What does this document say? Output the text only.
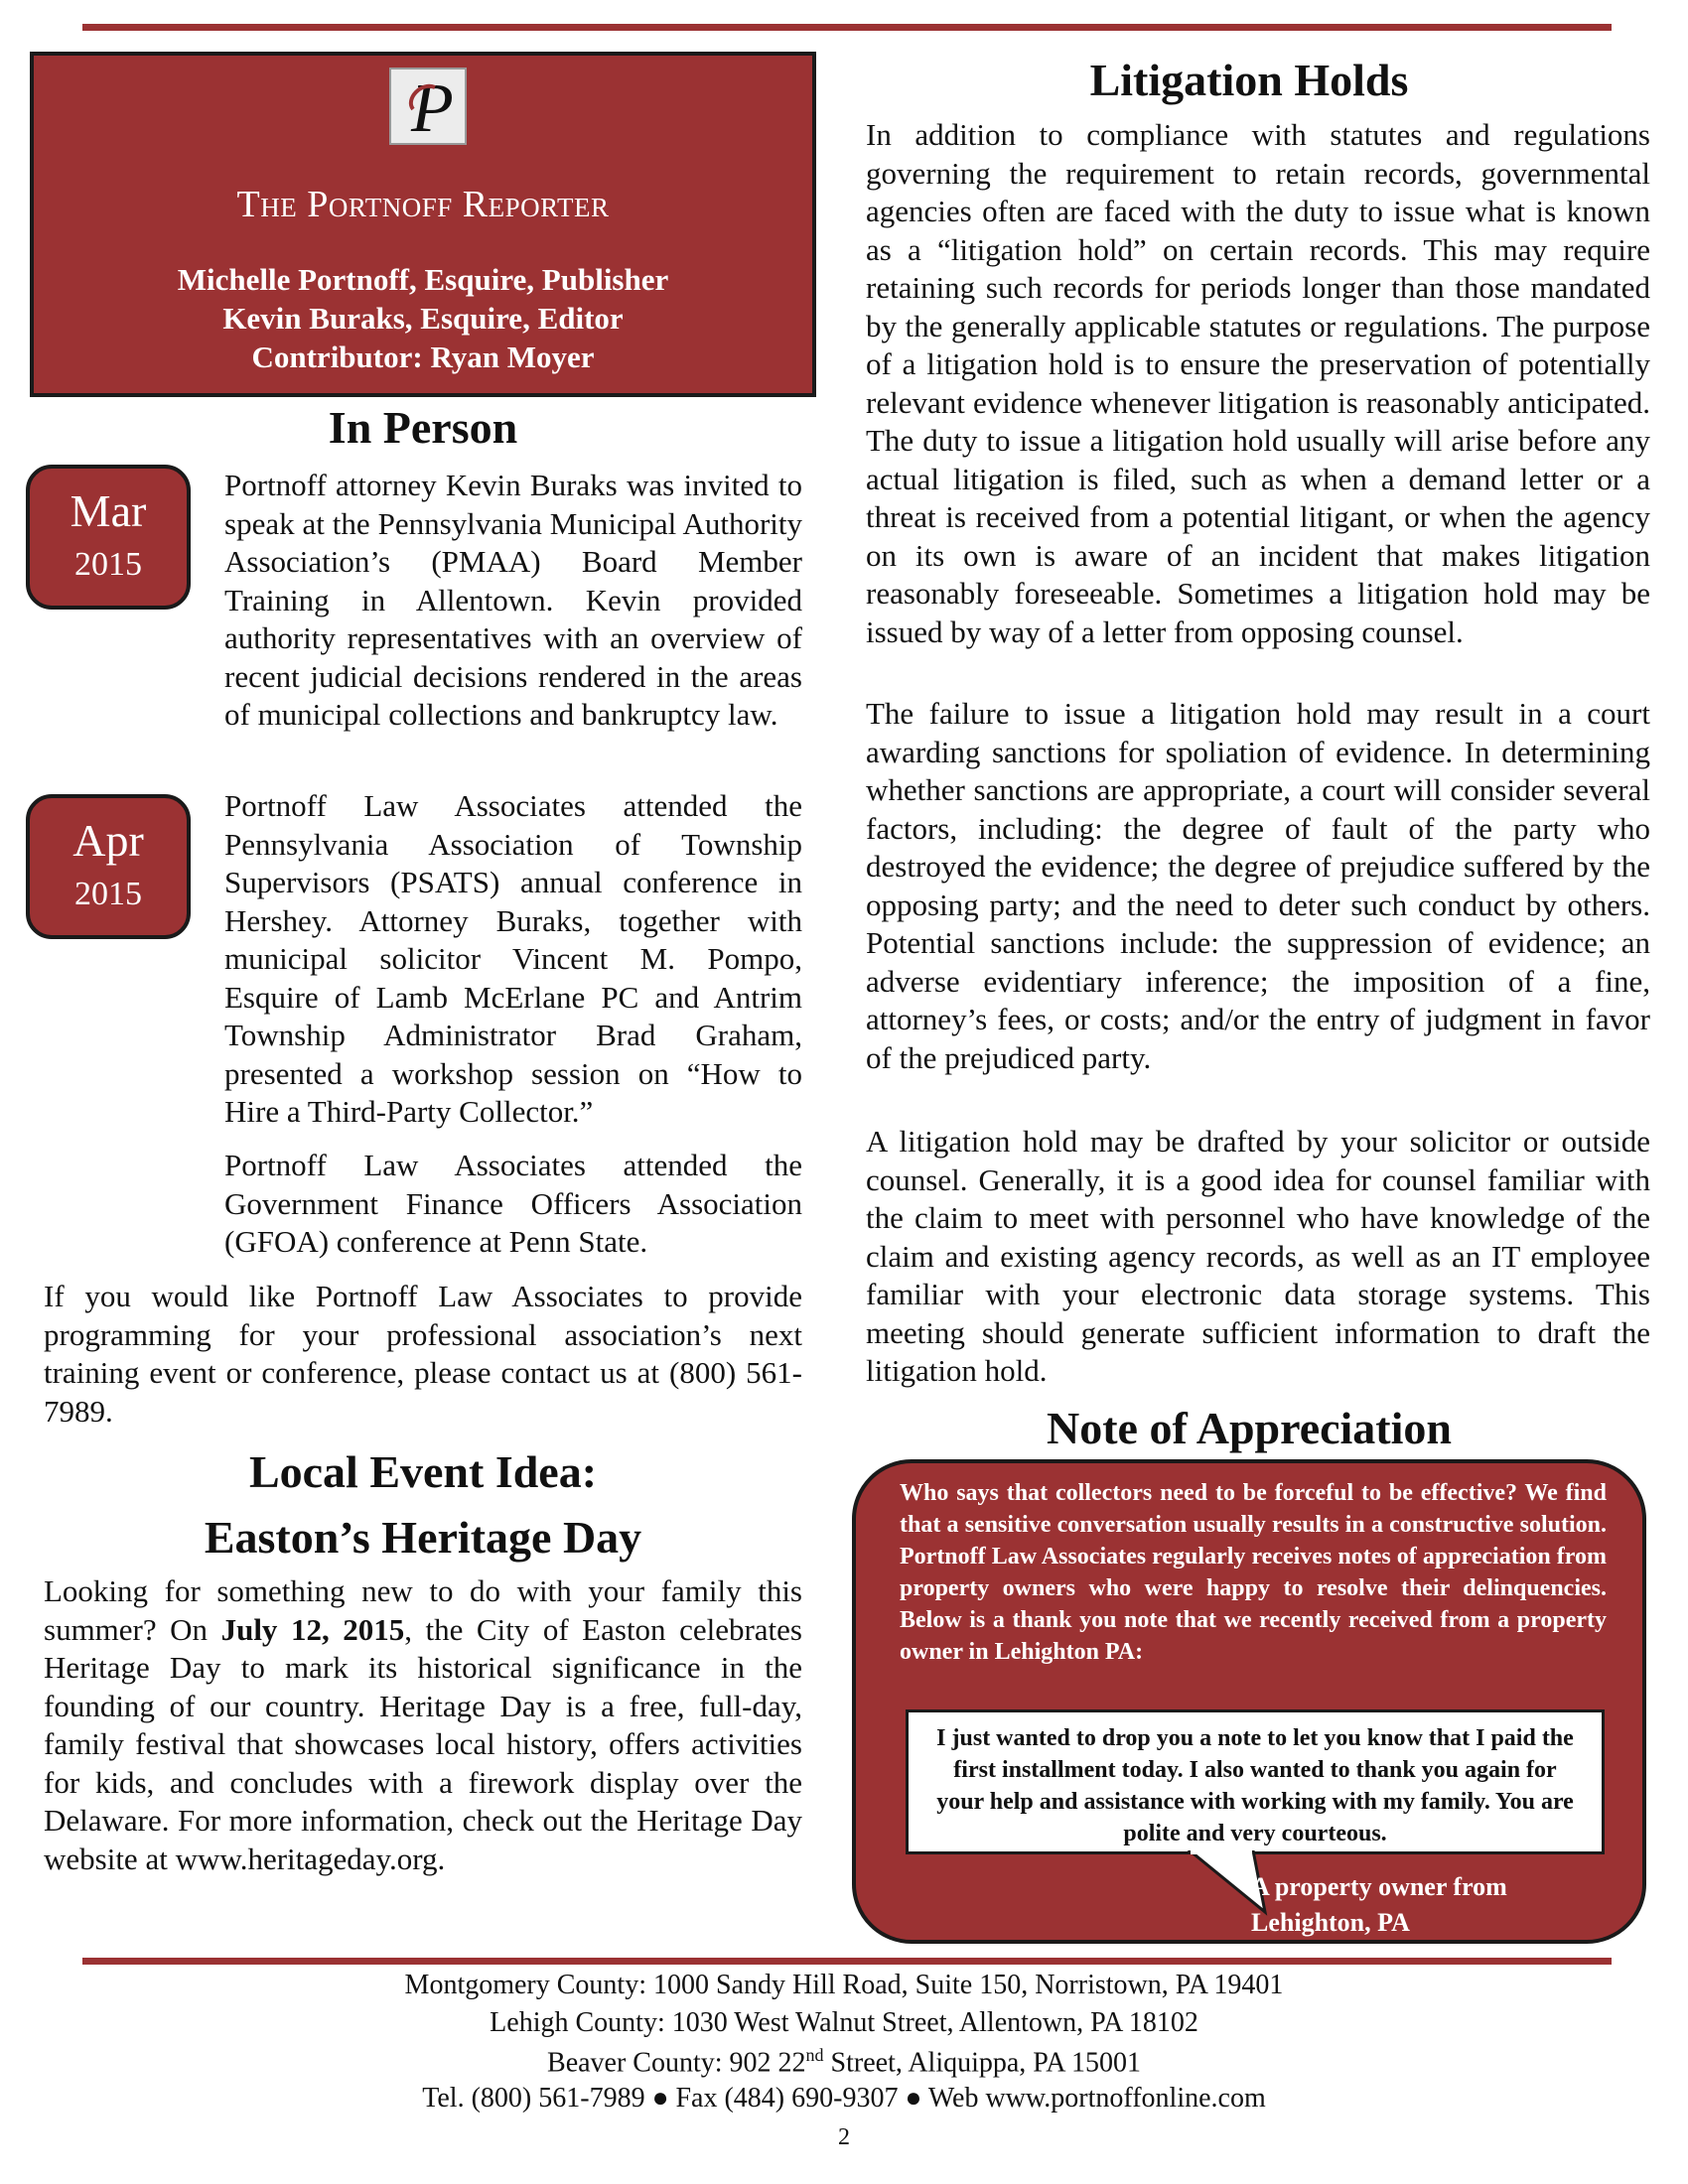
P
The Portnoff Reporter
Michelle Portnoff, Esquire, Publisher
Kevin Buraks, Esquire, Editor
Contributor: Ryan Moyer
In Person
Mar
2015
Apr
2015

Portnoff attorney Kevin Buraks was invited to speak at the Pennsylvania Municipal Authority Association’s (PMAA) Board Member Training in Allentown. Kevin provided authority representatives with an overview of recent judicial decisions rendered in the areas of municipal collections and bankruptcy law.

Portnoff Law Associates attended the Pennsylvania Association of Township Supervisors (PSATS) annual conference in Hershey. Attorney Buraks, together with municipal solicitor Vincent M. Pompo, Esquire of Lamb McErlane PC and Antrim Township Administrator Brad Graham, presented a workshop session on “How to Hire a Third-Party Collector.”

Portnoff Law Associates attended the Government Finance Officers Association (GFOA) conference at Penn State.

If you would like Portnoff Law Associates to provide programming for your professional association’s next training event or conference, please contact us at (800) 561-7989.

Local Event Idea:
Easton’s Heritage Day

Looking for something new to do with your family this summer? On July 12, 2015, the City of Easton celebrates Heritage Day to mark its historical significance in the founding of our country. Heritage Day is a free, full-day, family festival that showcases local history, offers activities for kids, and concludes with a firework display over the Delaware. For more information, check out the Heritage Day website at www.heritageday.org.

Litigation Holds

In addition to compliance with statutes and regulations governing the requirement to retain records, governmental agencies often are faced with the duty to issue what is known as a “litigation hold” on certain records. This may require retaining such records for periods longer than those mandated by the generally applicable statutes or regulations. The purpose of a litigation hold is to ensure the preservation of potentially relevant evidence whenever litigation is reasonably anticipated. The duty to issue a litigation hold usually will arise before any actual litigation is filed, such as when a demand letter or a threat is received from a potential litigant, or when the agency on its own is aware of an incident that makes litigation reasonably foreseeable. Sometimes a litigation hold may be issued by way of a letter from opposing counsel.

The failure to issue a litigation hold may result in a court awarding sanctions for spoliation of evidence. In determining whether sanctions are appropriate, a court will consider several factors, including: the degree of fault of the party who destroyed the evidence; the degree of prejudice suffered by the opposing party; and the need to deter such conduct by others. Potential sanctions include: the suppression of evidence; an adverse evidentiary inference; the imposition of a fine, attorney’s fees, or costs; and/or the entry of judgment in favor of the prejudiced party.

A litigation hold may be drafted by your solicitor or outside counsel. Generally, it is a good idea for counsel familiar with the claim to meet with personnel who have knowledge of the claim and existing agency records, as well as an IT employee familiar with your electronic data storage systems. This meeting should generate sufficient information to draft the litigation hold.

Note of Appreciation

Who says that collectors need to be forceful to be effective? We find that a sensitive conversation usually results in a constructive solution. Portnoff Law Associates regularly receives notes of appreciation from property owners who were happy to resolve their delinquencies. Below is a thank you note that we recently received from a property owner in Lehighton PA:

I just wanted to drop you a note to let you know that I paid the first installment today. I also wanted to thank you again for your help and assistance with working with my family. You are polite and very courteous.

A property owner from
Lehighton, PA
Montgomery County: 1000 Sandy Hill Road, Suite 150, Norristown, PA 19401
Lehigh County: 1030 West Walnut Street, Allentown, PA 18102
Beaver County: 902 22nd Street, Aliquippa, PA 15001
Tel. (800) 561-7989 ● Fax (484) 690-9307 ● Web www.portnoffonline.com
2
